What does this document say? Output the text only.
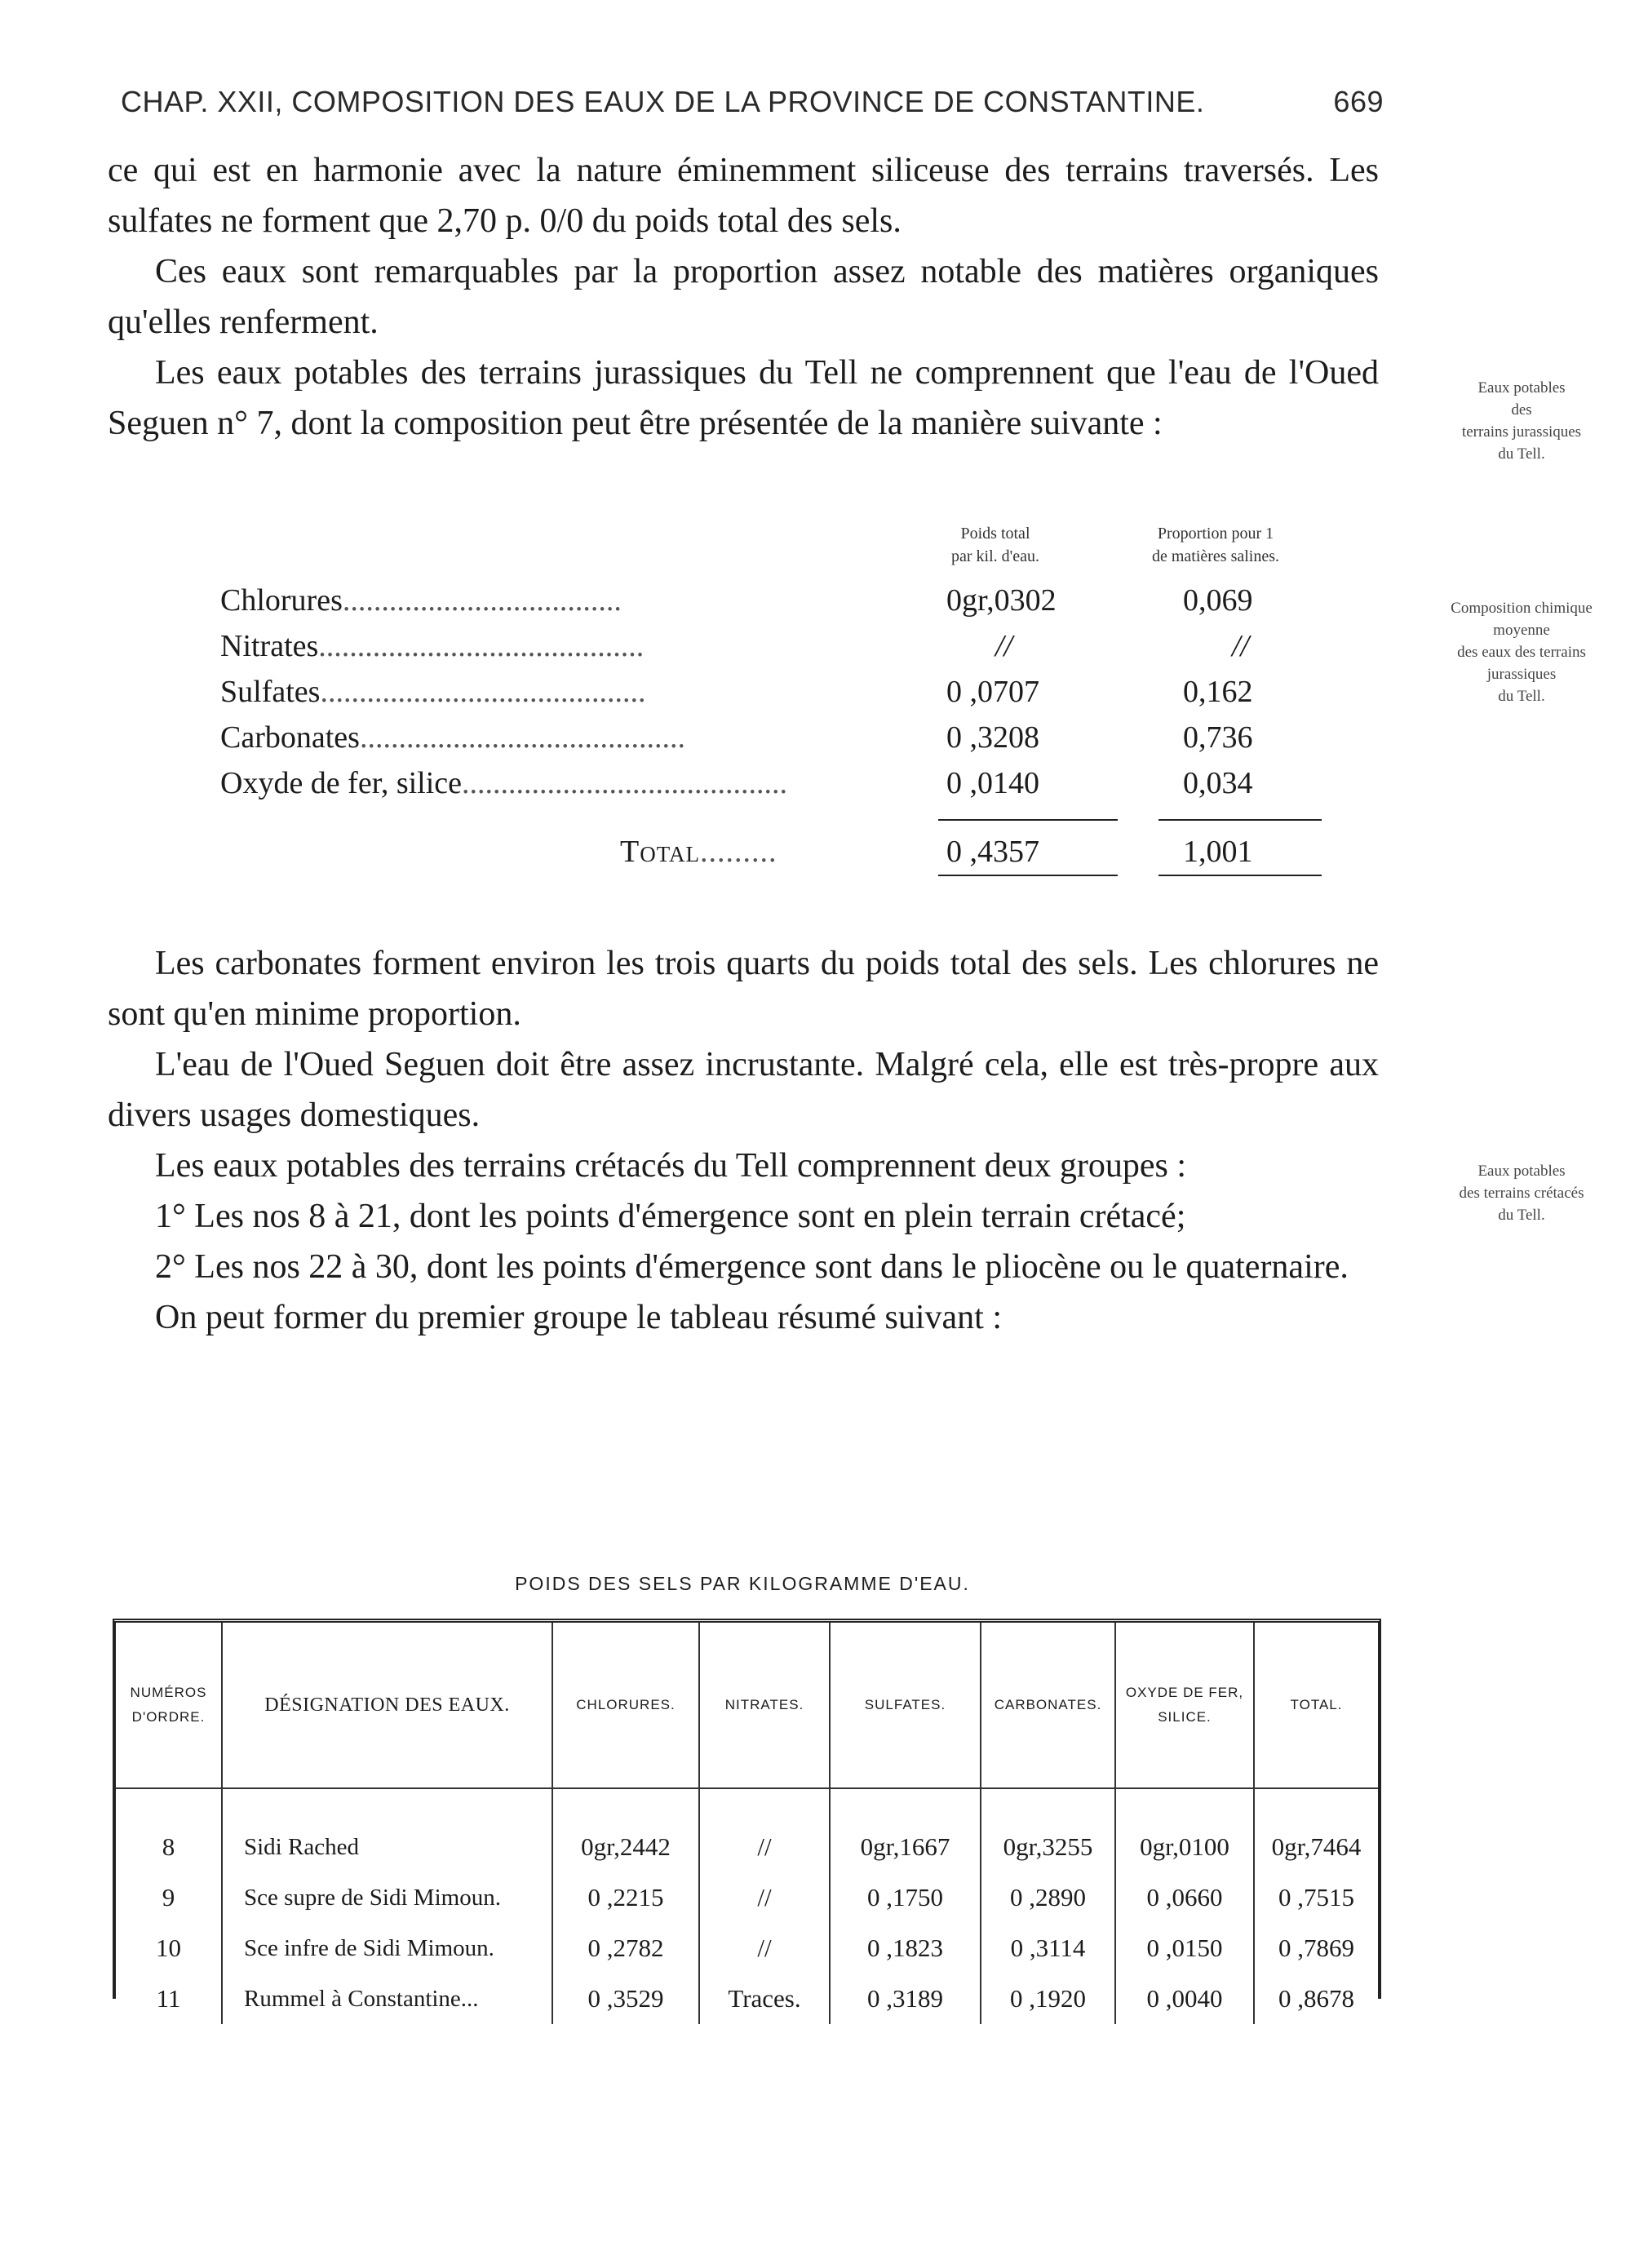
CHAP. XXII, COMPOSITION DES EAUX DE LA PROVINCE DE CONSTANTINE.	669

ce qui est en harmonie avec la nature éminemment siliceuse des terrains traversés. Les sulfates ne forment que 2,70 p. 0/0 du poids total des sels.

Ces eaux sont remarquables par la proportion assez notable des matières organiques qu'elles renferment.

Les eaux potables des terrains jurassiques du Tell ne comprennent que l'eau de l'Oued Seguen n° 7, dont la composition peut être présentée de la manière suivante :

Eaux potables
des
terrains jurassiques
du Tell.
Composition chimique
moyenne
des eaux des terrains
jurassiques
du Tell.
Eaux potables
des terrains crétacés
du Tell.
Poids total
par kil. d'eau.
Proportion pour 1
de matières salines.
Chlorures....................................	0gr,0302	0,069
Nitrates..........................................	//	//
Sulfates..........................................	0 ,0707	0,162
Carbonates..........................................	0 ,3208	0,736
Oxyde de fer, silice..........................................	0 ,0140	0,034
Total.........	0 ,4357	1,001

Les carbonates forment environ les trois quarts du poids total des sels. Les chlorures ne sont qu'en minime proportion.

L'eau de l'Oued Seguen doit être assez incrustante. Malgré cela, elle est très-propre aux divers usages domestiques.

Les eaux potables des terrains crétacés du Tell comprennent deux groupes :

1° Les nos 8 à 21, dont les points d'émergence sont en plein terrain crétacé;

2° Les nos 22 à 30, dont les points d'émergence sont dans le pliocène ou le quaternaire.

On peut former du premier groupe le tableau résumé suivant :

POIDS DES SELS PAR KILOGRAMME D'EAU.
NUMÉROS D'ORDRE.	DÉSIGNATION DES EAUX.	CHLORURES.	NITRATES.	SULFATES.	CARBONATES.	OXYDE DE FER, SILICE.	TOTAL.
8	Sidi Rached	0gr,2442	//	0gr,1667	0gr,3255	0gr,0100	0gr,7464
9	Sce supre de Sidi Mimoun.	0 ,2215	//	0 ,1750	0 ,2890	0 ,0660	0 ,7515
10	Sce infre de Sidi Mimoun.	0 ,2782	//	0 ,1823	0 ,3114	0 ,0150	0 ,7869
11	Rummel à Constantine...	0 ,3529	Traces.	0 ,3189	0 ,1920	0 ,0040	0 ,8678
